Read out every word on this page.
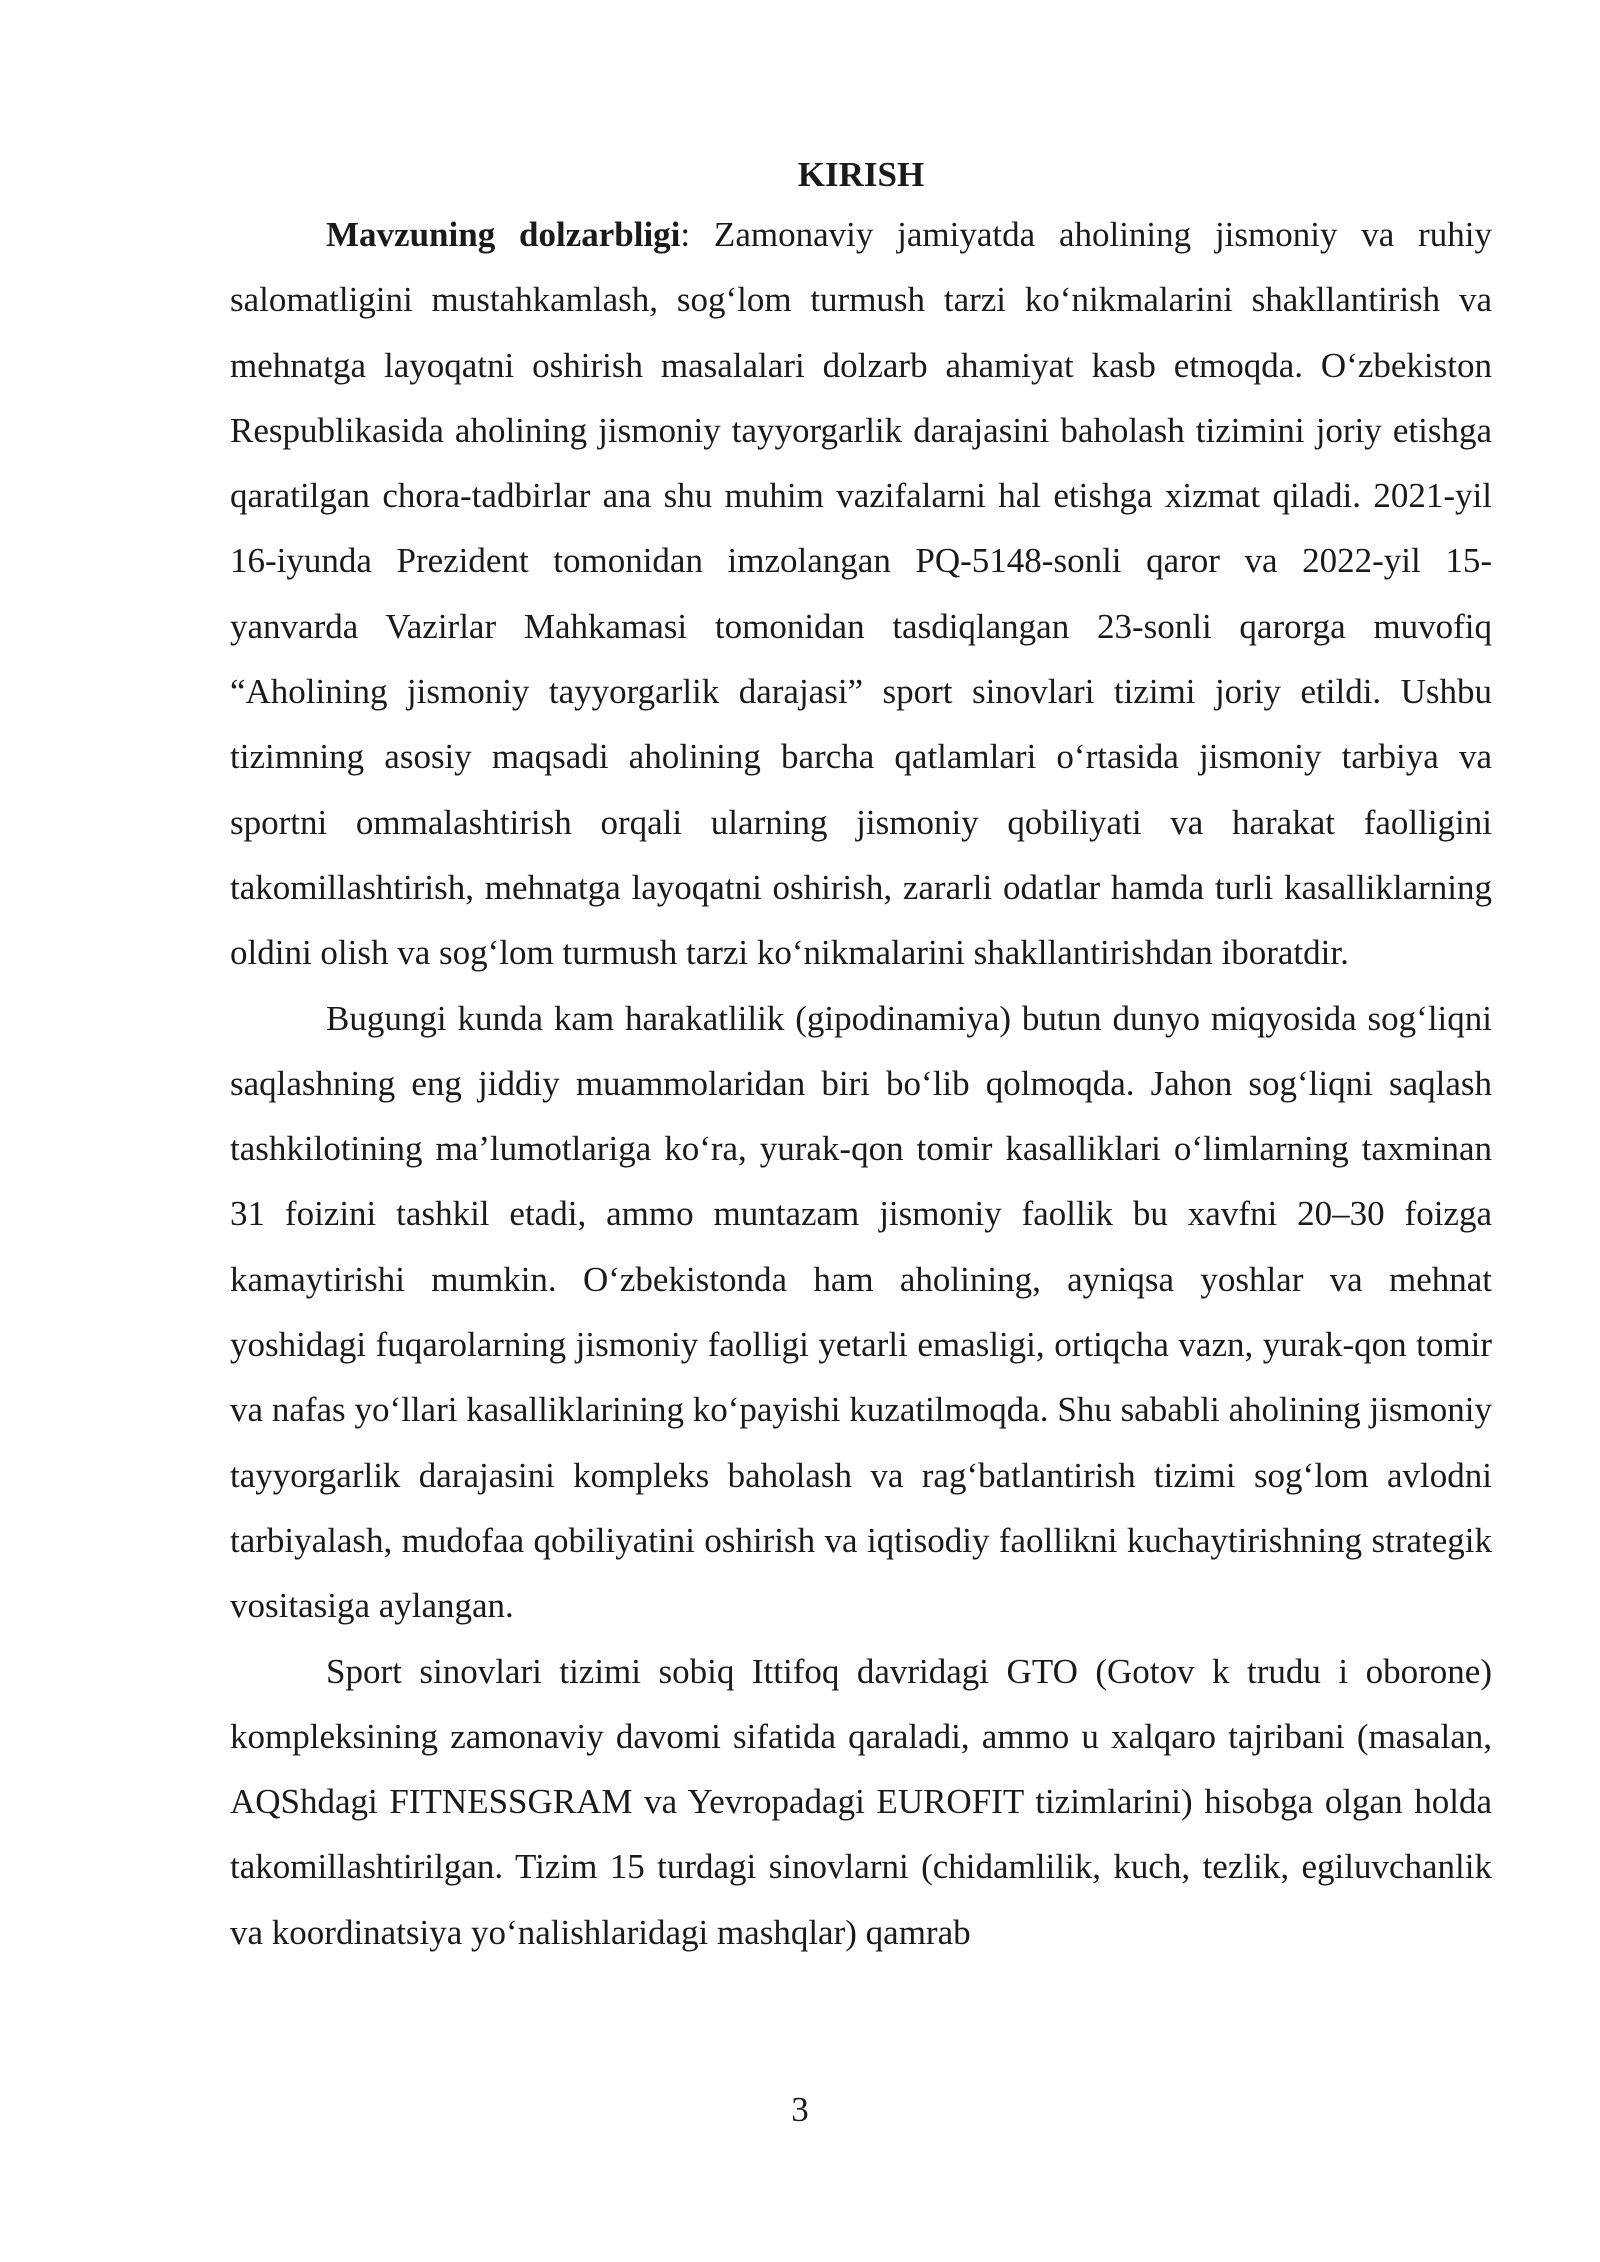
KIRISH

Mavzuning dolzarbligi: Zamonaviy jamiyatda aholining jismoniy va ruhiy salomatligini mustahkamlash, sog‘lom turmush tarzi ko‘nikmalarini shakllantirish va mehnatga layoqatni oshirish masalalari dolzarb ahamiyat kasb etmoqda. O‘zbekiston Respublikasida aholining jismoniy tayyorgarlik darajasini baholash tizimini joriy etishga qaratilgan chora-tadbirlar ana shu muhim vazifalarni hal etishga xizmat qiladi. 2021-yil 16-iyunda Prezident tomonidan imzolangan PQ-5148-sonli qaror va 2022-yil 15-yanvarda Vazirlar Mahkamasi tomonidan tasdiqlangan 23-sonli qarorga muvofiq “Aholining jismoniy tayyorgarlik darajasi” sport sinovlari tizimi joriy etildi. Ushbu tizimning asosiy maqsadi aholining barcha qatlamlari o‘rtasida jismoniy tarbiya va sportni ommalashtirish orqali ularning jismoniy qobiliyati va harakat faolligini takomillashtirish, mehnatga layoqatni oshirish, zararli odatlar hamda turli kasalliklarning oldini olish va sog‘lom turmush tarzi ko‘nikmalarini shakllantirishdan iboratdir.

Bugungi kunda kam harakatlilik (gipodinamiya) butun dunyo miqyosida sog‘liqni saqlashning eng jiddiy muammolaridan biri bo‘lib qolmoqda. Jahon sog‘liqni saqlash tashkilotining ma’lumotlariga ko‘ra, yurak-qon tomir kasalliklari o‘limlarning taxminan 31 foizini tashkil etadi, ammo muntazam jismoniy faollik bu xavfni 20–30 foizga kamaytirishi mumkin. O‘zbekistonda ham aholining, ayniqsa yoshlar va mehnat yoshidagi fuqarolarning jismoniy faolligi yetarli emasligi, ortiqcha vazn, yurak-qon tomir va nafas yo‘llari kasalliklarining ko‘payishi kuzatilmoqda. Shu sababli aholining jismoniy tayyorgarlik darajasini kompleks baholash va rag‘batlantirish tizimi sog‘lom avlodni tarbiyalash, mudofaa qobiliyatini oshirish va iqtisodiy faollikni kuchaytirishning strategik vositasiga aylangan.

Sport sinovlari tizimi sobiq Ittifoq davridagi GTO (Gotov k trudu i oborone) kompleksining zamonaviy davomi sifatida qaraladi, ammo u xalqaro tajribani (masalan, AQShdagi FITNESSGRAM va Yevropadagi EUROFIT tizimlarini) hisobga olgan holda takomillashtirilgan. Tizim 15 turdagi sinovlarni (chidamlilik, kuch, tezlik, egiluvchanlik va koordinatsiya yo‘nalishlaridagi mashqlar) qamrab

3
